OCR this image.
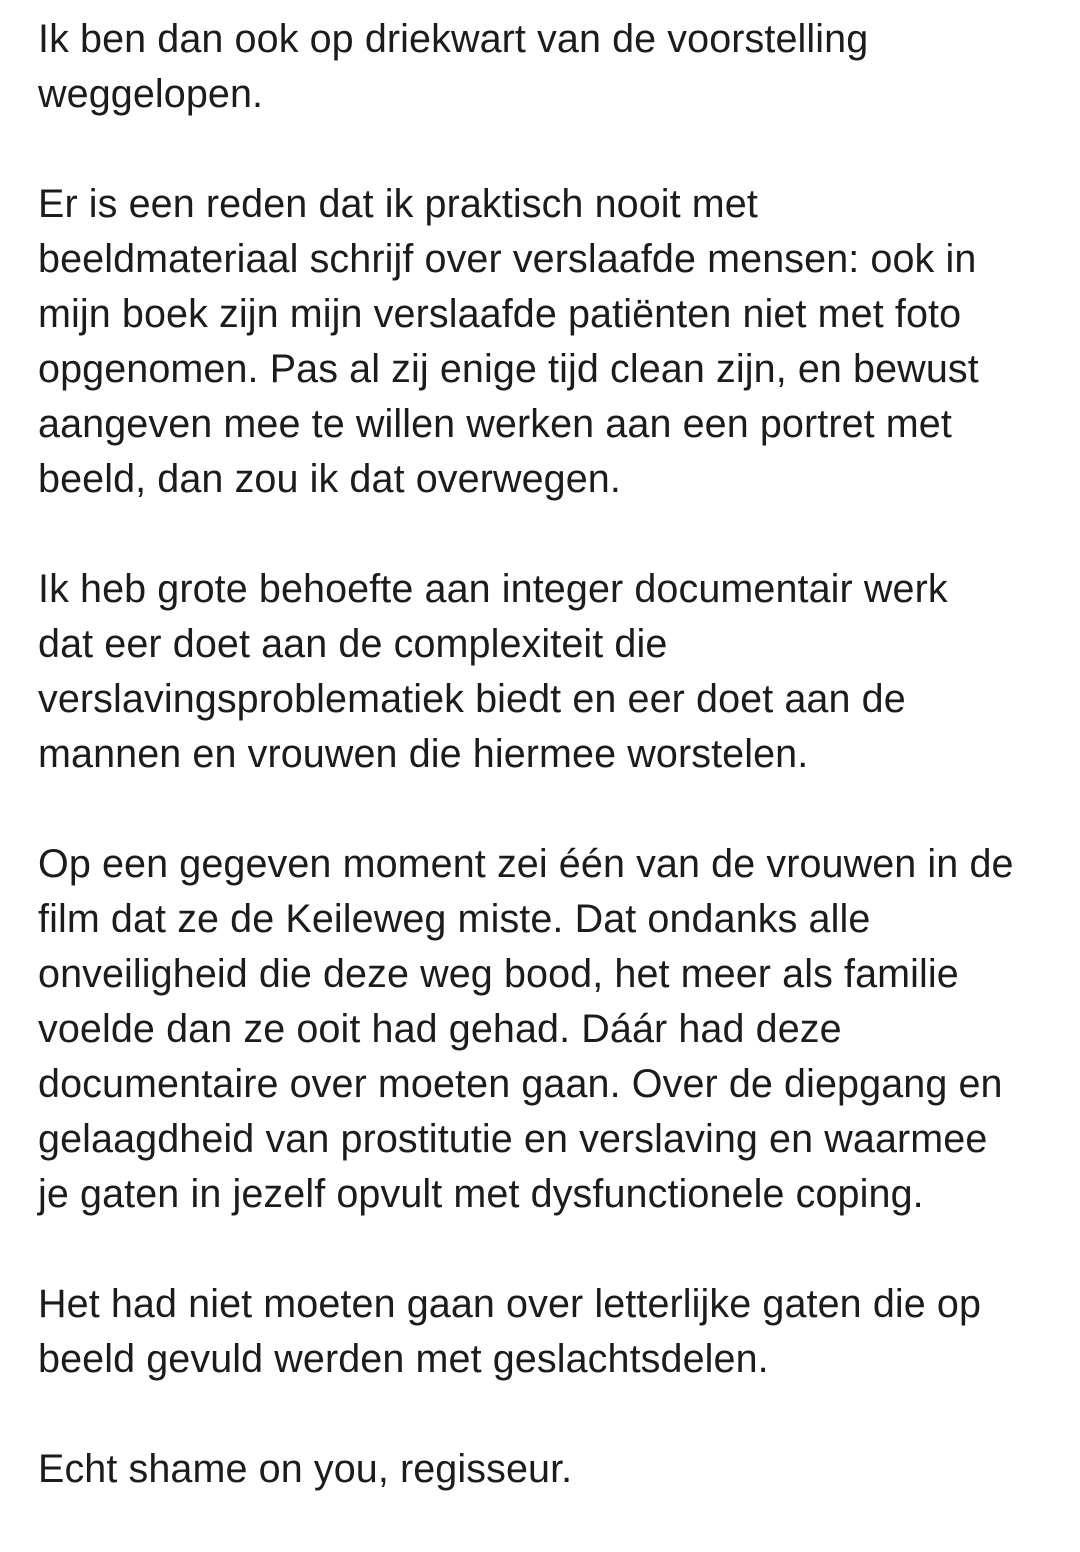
Ik ben dan ook op driekwart van de voorstelling
weggelopen.

Er is een reden dat ik praktisch nooit met
beeldmateriaal schrijf over verslaafde mensen: ook in
mijn boek zijn mijn verslaafde patiënten niet met foto
opgenomen. Pas al zij enige tijd clean zijn, en bewust
aangeven mee te willen werken aan een portret met
beeld, dan zou ik dat overwegen.

Ik heb grote behoefte aan integer documentair werk
dat eer doet aan de complexiteit die
verslavingsproblematiek biedt en eer doet aan de
mannen en vrouwen die hiermee worstelen.

Op een gegeven moment zei één van de vrouwen in de
film dat ze de Keileweg miste. Dat ondanks alle
onveiligheid die deze weg bood, het meer als familie
voelde dan ze ooit had gehad. Dáár had deze
documentaire over moeten gaan. Over de diepgang en
gelaagdheid van prostitutie en verslaving en waarmee
je gaten in jezelf opvult met dysfunctionele coping.

Het had niet moeten gaan over letterlijke gaten die op
beeld gevuld werden met geslachtsdelen.

Echt shame on you, regisseur.
